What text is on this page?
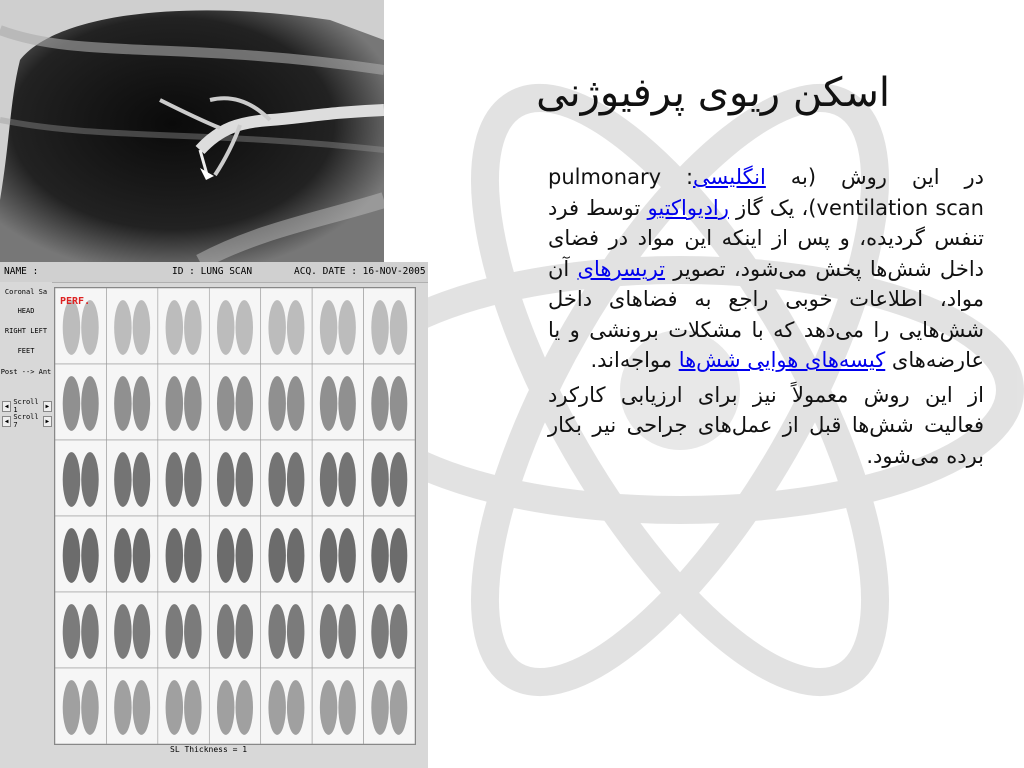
NAME :	ID : LUNG SCAN	ACQ. DATE : 16-NOV-2005
Coronal Sa
HEAD
RIGHT LEFT
FEET
Post --> Ant
◀ Scroll 1	▶
◀ Scroll 7	▶
PERF.
SL Thickness = 1
اسکن ریوی پرفیوژنی

در این روش (به انگلیسی: pulmonary ventilation scan)، یک گاز رادیواکتیو توسط فرد تنفس گردیده، و پس از اینکه این مواد در فضای داخل شش‌ها پخش می‌شود، تصویر تریسرهای آن مواد، اطلاعات خوبی راجع به فضاهای داخل شش‌هایی را می‌دهد که با مشکلات برونشی و یا عارضه‌های کیسه‌های هوایی شش‌ها مواجه‌اند.

از این روش معمولاً نیز برای ارزیابی کارکرد فعالیت شش‌ها قبل از عمل‌های جراحی نیر بکار برده می‌شود.
